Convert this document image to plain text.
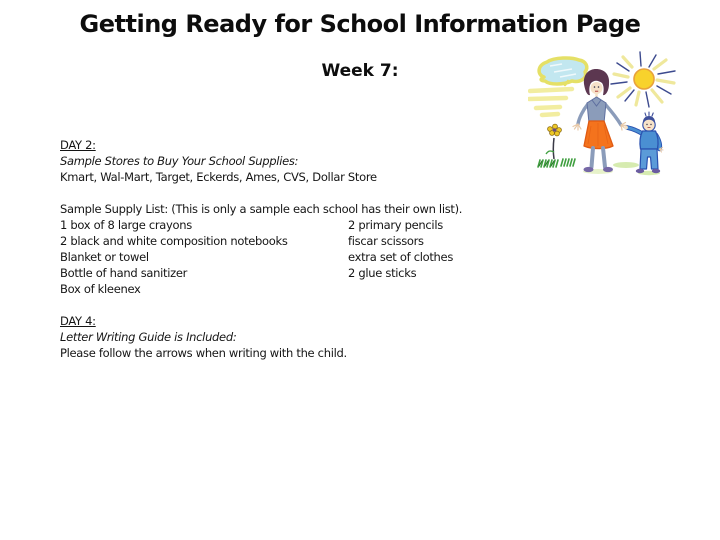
Getting Ready for School Information Page
Week 7:
DAY 2:
Sample Stores to Buy Your School Supplies:
Kmart, Wal-Mart, Target, Eckerds, Ames, CVS, Dollar Store
Sample Supply List: (This is only a sample each school has their own list).
1 box of 8 large crayons	2 primary pencils
2 black and white composition notebooks	fiscar scissors
Blanket or towel	extra set of clothes
Bottle of hand sanitizer	2 glue sticks
Box of kleenex
DAY 4:
Letter Writing Guide is Included:
Please follow the arrows when writing with the child.
